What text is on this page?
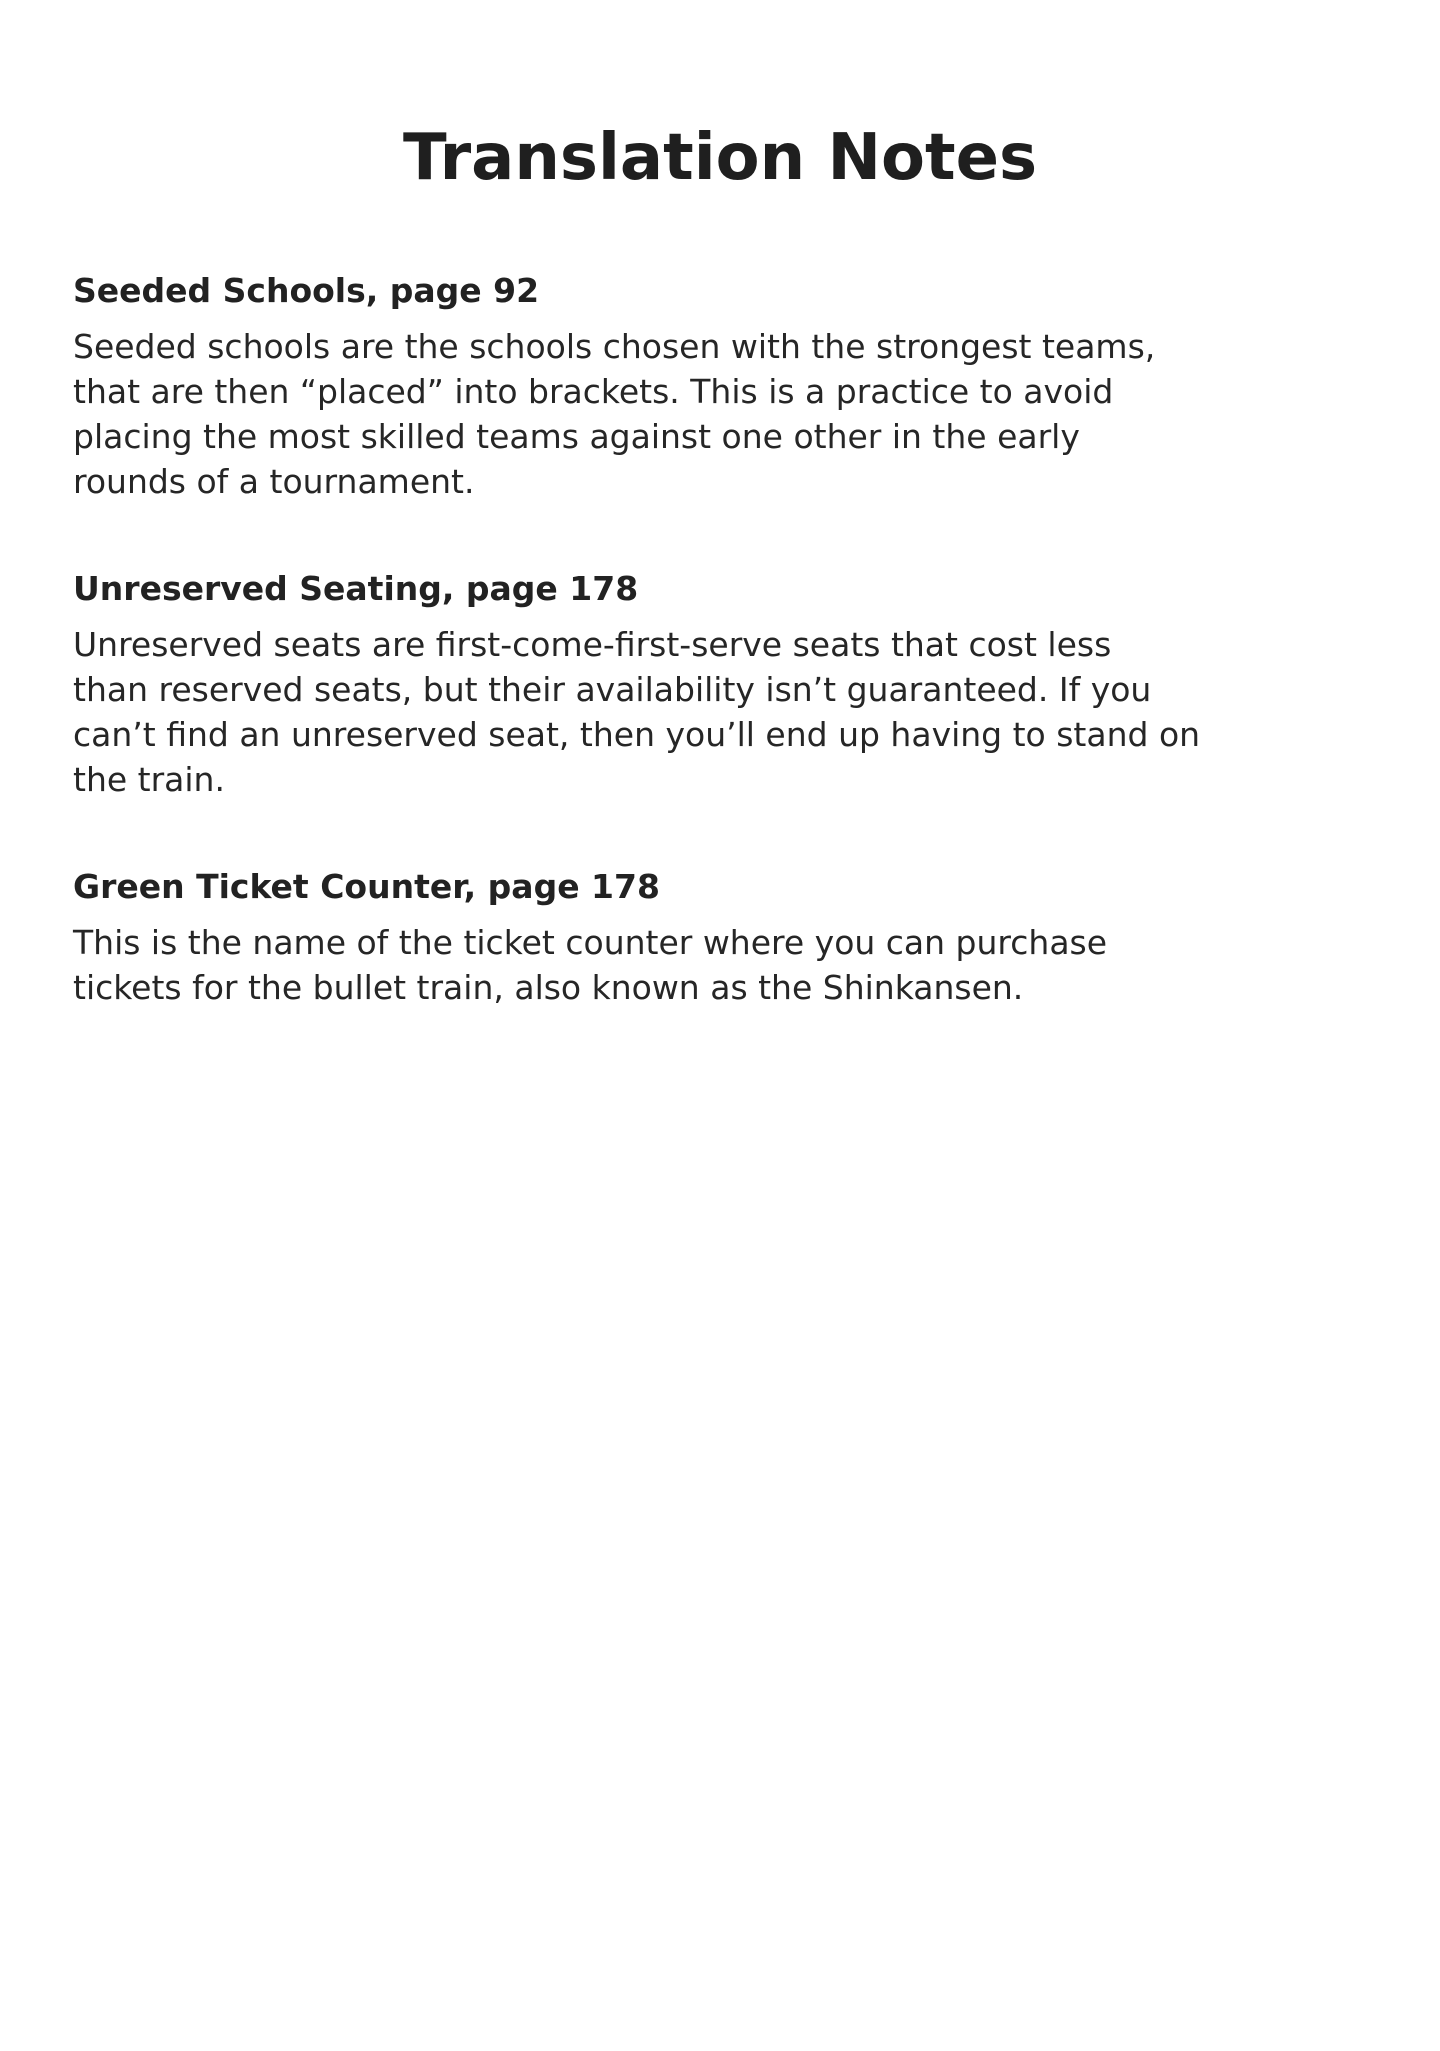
Translation Notes
Seeded Schools, page 92

Seeded schools are the schools chosen with the strongest teams,
that are then “placed” into brackets. This is a practice to avoid
placing the most skilled teams against one other in the early
rounds of a tournament.

Unreserved Seating, page 178

Unreserved seats are first-come-first-serve seats that cost less
than reserved seats, but their availability isn’t guaranteed. If you
can’t find an unreserved seat, then you’ll end up having to stand on
the train.

Green Ticket Counter, page 178

This is the name of the ticket counter where you can purchase
tickets for the bullet train, also known as the Shinkansen.
